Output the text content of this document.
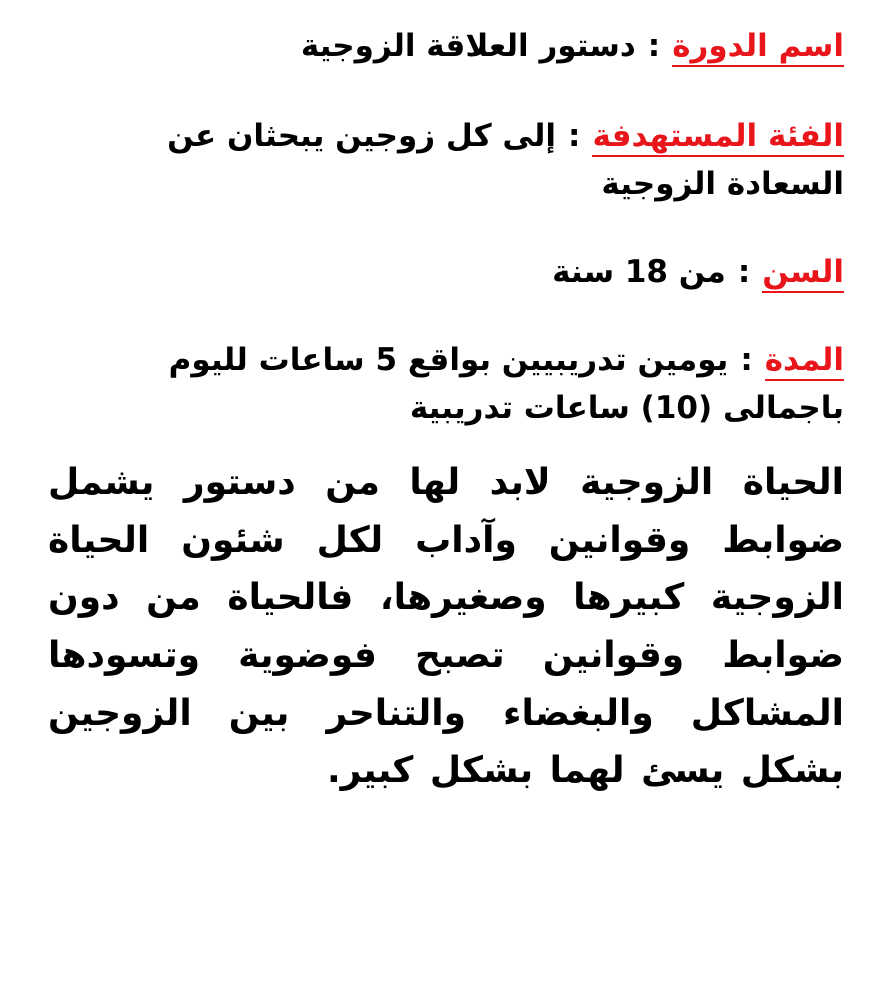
اسم الدورة:دستور العلاقة الزوجية
الفئة المستهدفة:إلى كل زوجين يبحثان عن السعادة الزوجية
السن:من 18 سنة
المدة:يومين تدريبيين بواقع 5 ساعات لليوم باجمالى (10) ساعات تدريبية

الحياة الزوجية لابد لها من دستور يشمل ضوابط وقوانين وآداب لكل شئون الحياة الزوجية كبيرها وصغيرها، فالحياة من دون ضوابط وقوانين تصبح فوضوية وتسودها المشاكل والبغضاء والتناحر بين الزوجين بشكل يسئ لهما بشكل كبير.
